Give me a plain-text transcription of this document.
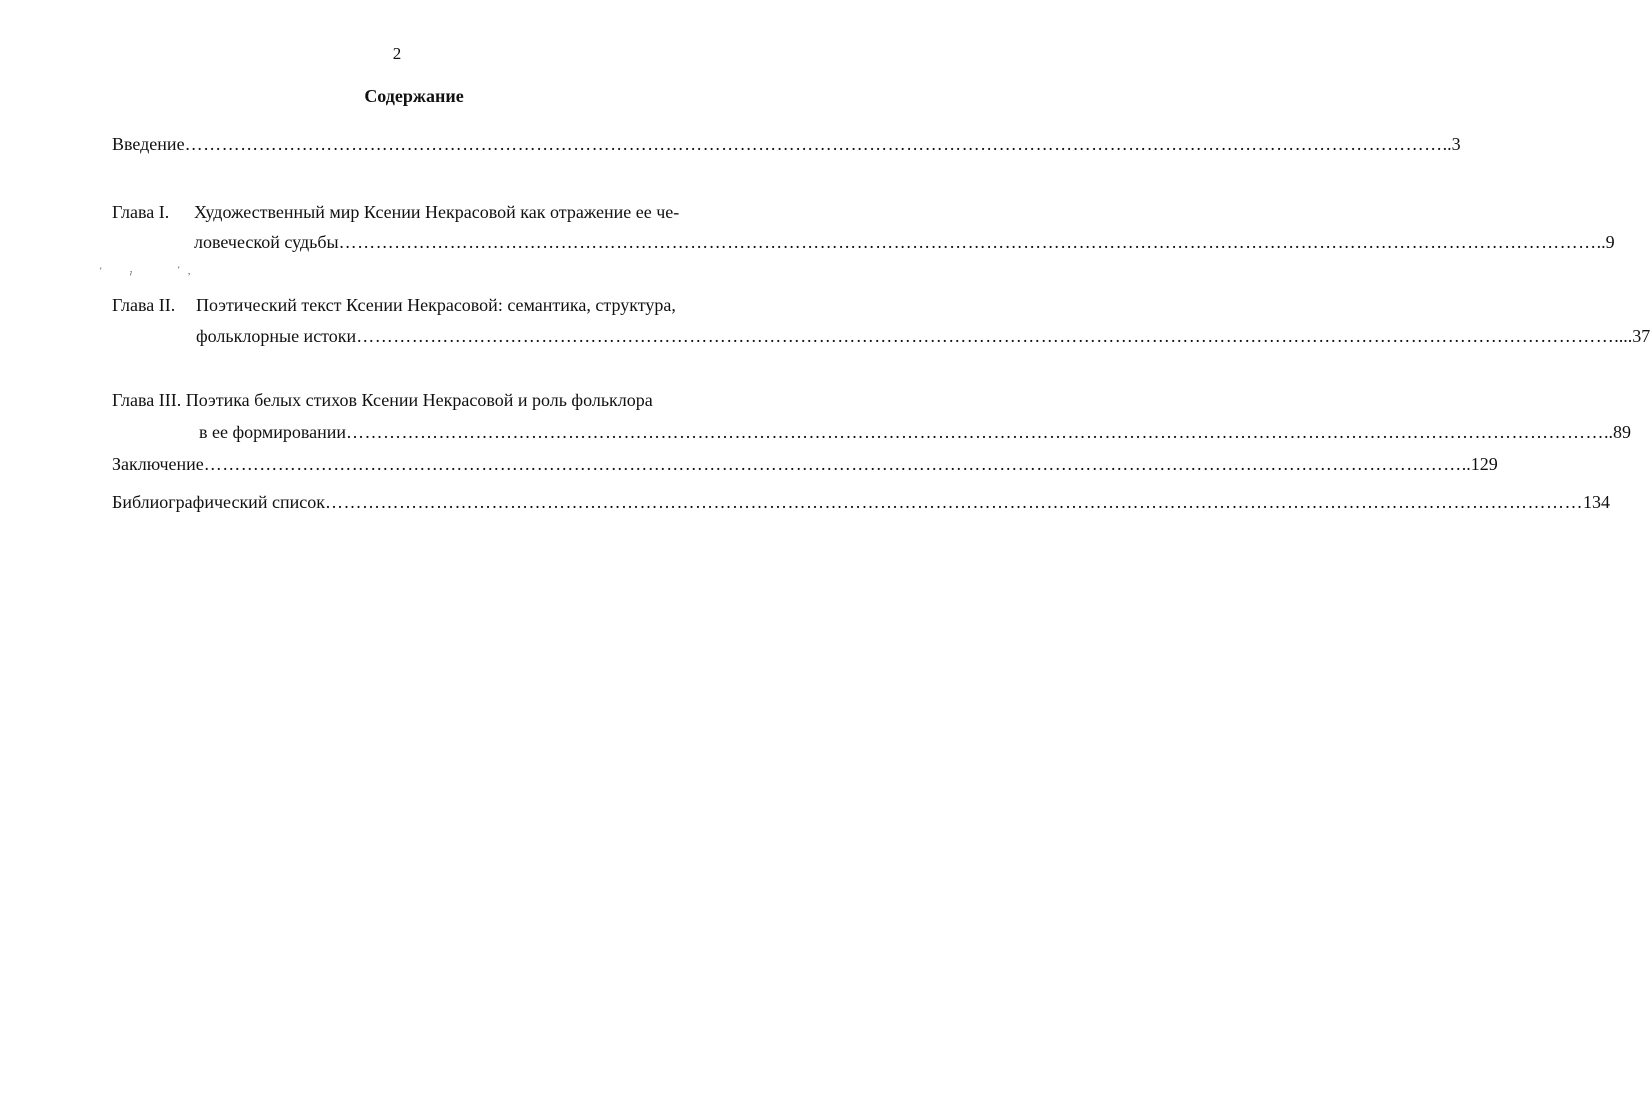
2
Содержание
Введение …………………………………………………………………………………………………………………………………………………………………………………… ..3
Глава I. Художественный мир Ксении Некрасовой как отражение ее че-
ловеческой судьбы …………………………………………………………………………………………………………………………………………………………………………………… ..9
'	,
'
' ,
Глава II. Поэтический текст Ксении Некрасовой: семантика, структура,
фольклорные истоки …………………………………………………………………………………………………………………………………………………………………………………… ....37
Глава III. Поэтика белых стихов Ксении Некрасовой и роль фольклора
в ее формировании …………………………………………………………………………………………………………………………………………………………………………………… ..89
Заключение …………………………………………………………………………………………………………………………………………………………………………………… ..129
Библиографический список …………………………………………………………………………………………………………………………………………………………………………………… 134
